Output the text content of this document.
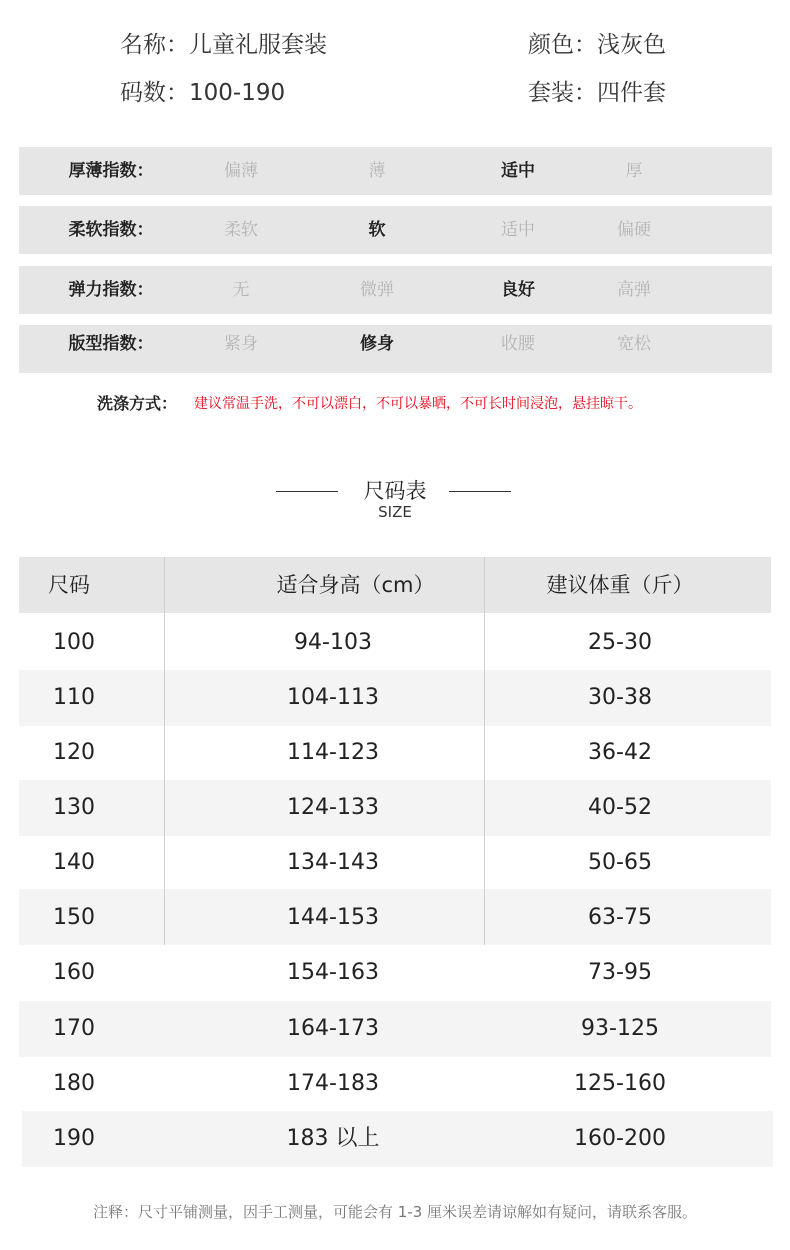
名称：儿童礼服套装	颜色：浅灰色
码数：100-190	套装：四件套
厚薄指数：	偏薄	薄	适中	厚
柔软指数：	柔软	软	适中	偏硬
弹力指数：	无	微弹	良好	高弹
版型指数：	紧身	修身	收腰	宽松
洗涤方式： 建议常温手洗，不可以漂白，不可以暴晒，不可长时间浸泡，悬挂晾干。
尺码表
SIZE
尺码	适合身高（cm）	建议体重（斤）
100	94-103	25-30
110	104-113	30-38
120	114-123	36-42
130	124-133	40-52
140	134-143	50-65
150	144-153	63-75
160	154-163	73-95
170	164-173	93-125
180	174-183	125-160
190	183 以上	160-200
注释：尺寸平铺测量，因手工测量，可能会有 1-3 厘米误差请谅解如有疑问，请联系客服。
